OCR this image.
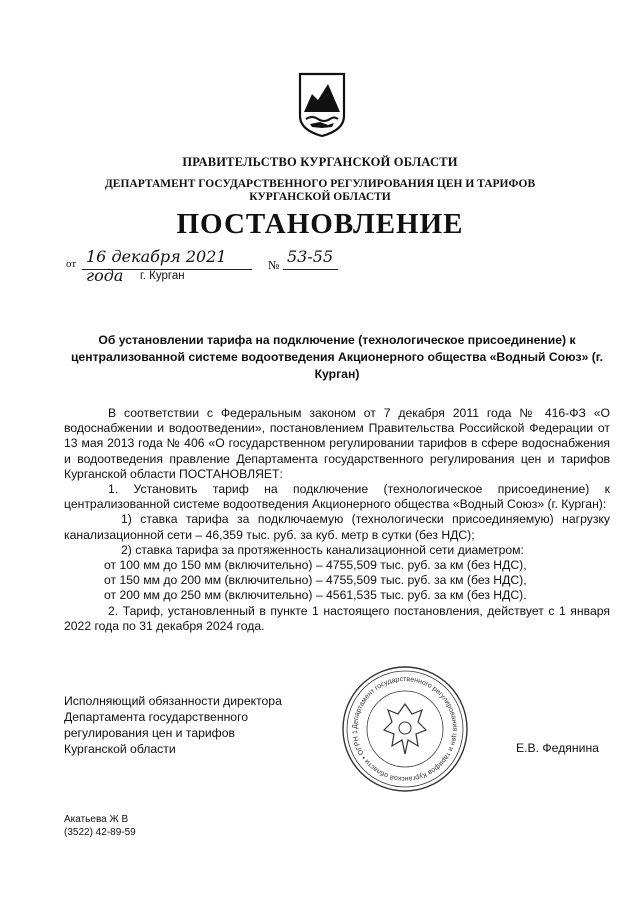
ПРАВИТЕЛЬСТВО КУРГАНСКОЙ ОБЛАСТИ
ДЕПАРТАМЕНТ ГОСУДАРСТВЕННОГО РЕГУЛИРОВАНИЯ ЦЕН И ТАРИФОВ
КУРГАНСКОЙ ОБЛАСТИ
ПОСТАНОВЛЕНИЕ
от 16 декабря 2021 года
№ 53-55
г. Курган
Об установлении тарифа на подключение (технологическое присоединение) к централизованной системе водоотведения Акционерного общества «Водный Союз» (г. Курган)

В соответствии с Федеральным законом от 7 декабря 2011 года № 416-ФЗ «О водоснабжении и водоотведении», постановлением Правительства Российской Федерации от 13 мая 2013 года № 406 «О государственном регулировании тарифов в сфере водоснабжения и водоотведения правление Департамента государственного регулирования цен и тарифов Курганской области ПОСТАНОВЛЯЕТ:

1. Установить тариф на подключение (технологическое присоединение) к централизованной системе водоотведения Акционерного общества «Водный Союз» (г. Курган):

1) ставка тарифа за подключаемую (технологически присоединяемую) нагрузку канализационной сети – 46,359 тыс. руб. за куб. метр в сутки (без НДС);

2) ставка тарифа за протяженность канализационной сети диаметром:

от 100 мм до 150 мм (включительно) – 4755,509 тыс. руб. за км (без НДС),
от 150 мм до 200 мм (включительно) – 4755,509 тыс. руб. за км (без НДС),
от 200 мм до 250 мм (включительно) – 4561,535 тыс. руб. за км (без НДС).

2. Тариф, установленный в пункте 1 настоящего постановления, действует с 1 января 2022 года по 31 декабря 2024 года.

Исполняющий обязанности директора
Департамента государственного
регулирования цен и тарифов
Курганской области
Департамент государственного регулирования цен и тарифов Курганской области • ОГРН 1
Е.В. Федянина
Акатьева Ж В
(3522) 42-89-59
